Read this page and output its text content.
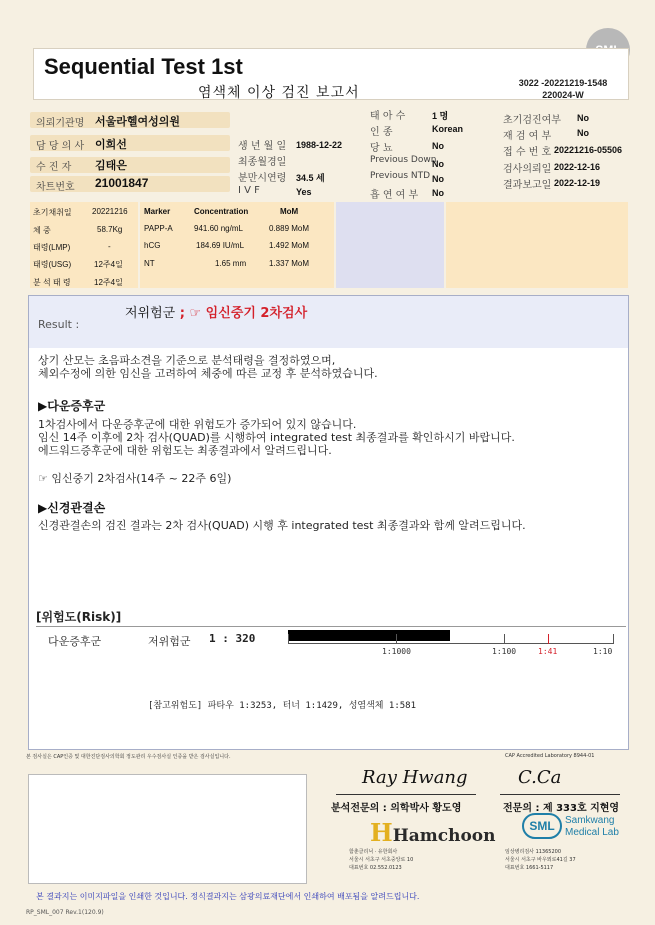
Sequential Test 1st
염색체 이상 검진 보고서
3022 -20221219-1548
220024-W
의뢰기관명 서울라헬여성의원
담 당 의 사 이희선
수 진 자 김태은
차트번호 21001847
생 년 월 일 1988-12-22
최종월경일
분만시연령 34.5 세
I V F	Yes
태 아 수	1 명
인 종	Korean
당 뇨	No
Previous Down
No
Previous NTD No
흡 연 여 부 No
초기검진여부 No
재 검 여 부	No
접 수 번 호 20221216-05506
검사의뢰일 2022-12-16
결과보고일 2022-12-19
초기채취일	20221216
체 중	58.7Kg
태령(LMP)	-
태령(USG)	12주4일
분 석 태 령	12주4일
Marker	Concentration	MoM
PAPP-A	941.60 ng/mL	0.889 MoM
hCG	184.69 IU/mL	1.492 MoM
NT	1.65 mm	1.337 MoM
Result :
저위험군 ; ☞ 임신중기 2차검사
상기 산모는 초음파소견을 기준으로 분석태령을 결정하였으며,
체외수정에 의한 임신을 고려하여 체중에 따른 교정 후 분석하였습니다.
▶다운증후군
1차검사에서 다운증후군에 대한 위험도가 증가되어 있지 않습니다.
임신 14주 이후에 2차 검사(QUAD)를 시행하여 integrated test 최종결과를 확인하시기 바랍니다.
에드워드증후군에 대한 위험도는 최종결과에서 알려드립니다.
☞ 임신중기 2차검사(14주 ~ 22주 6일)
▶신경관결손
신경관결손의 검진 결과는 2차 검사(QUAD) 시행 후 integrated test 최종결과와 함께 알려드립니다.
[위험도(Risk)]
다운증후군	저위험군 1 : 320
1:1000	1:100	1:41	1:10
[참고위험도] 파타우 1:3253, 터너 1:1429, 성염색체 1:581
본 검사실은 CAP인증 및 대한진단검사의학회 정도관리 우수검사실 인증을 받은 검사실입니다.	CAP Accredited Laboratory 8944-01
Ray Hwang
분석전문의 : 의학박사 황도영
C.Ca
전문의 : 제 333호 지현영
HHamchoon
함춘클리닉 · 유한회사
서울시 서초구 서초중앙로 10
대표번호 02.552.0123
SML	Samkwang
Medical Lab
임상병리검사 11365200
서울시 서초구 바우뫼로41길 37
대표번호 1661-5117
본 결과지는 이미지파일을 인쇄한 것입니다. 정식결과지는 삼광의료재단에서 인쇄하여 배포됨을 알려드립니다.
RP_SML_007 Rev.1(120.9)
